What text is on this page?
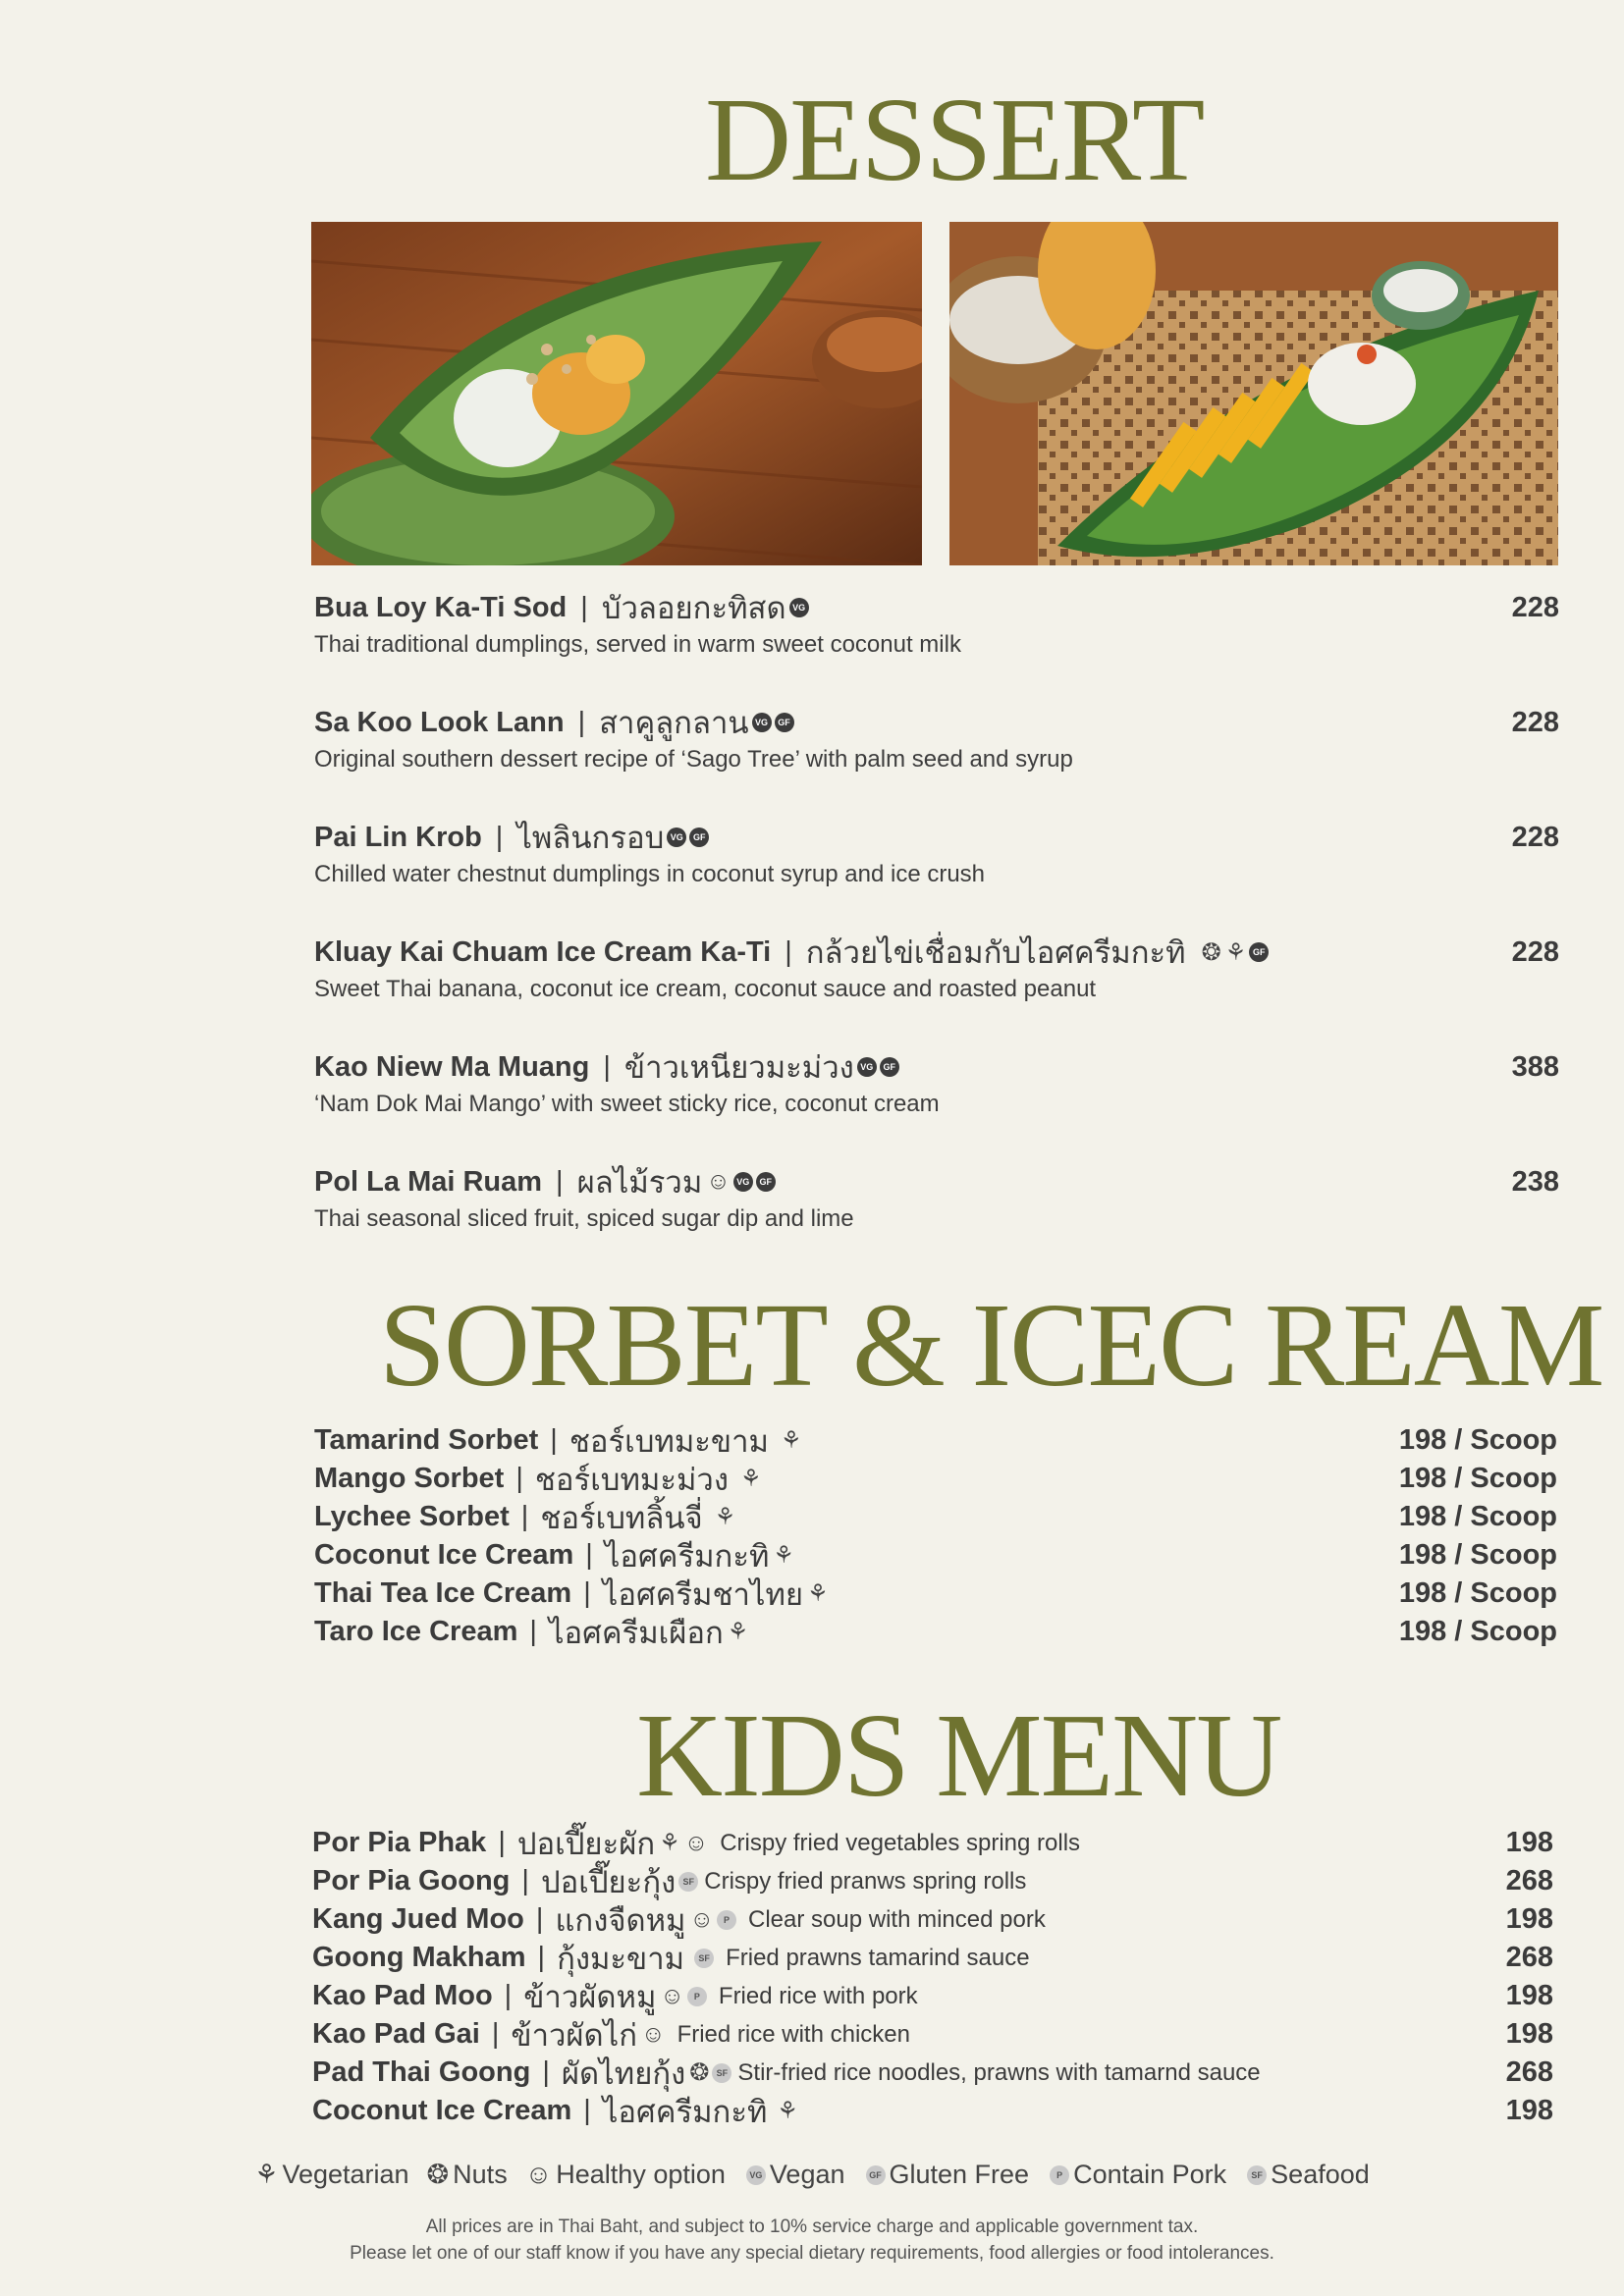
DESSERT
Bua Loy Ka-Ti Sod | บัวลอยกะทิสด VG	228
Thai traditional dumplings, served in warm sweet coconut milk
Sa Koo Look Lann | สาคูลูกลาน VG	GF	228
Original southern dessert recipe of ‘Sago Tree’ with palm seed and syrup
Pai Lin Krob | ไพลินกรอบ VG	GF	228
Chilled water chestnut dumplings in coconut syrup and ice crush
Kluay Kai Chuam Ice Cream Ka-Ti | กล้วยไข่เชื่อมกับไอศครีมกะทิ ❂ ⚘ GF	228
Sweet Thai banana, coconut ice cream, coconut sauce and roasted peanut
Kao Niew Ma Muang | ข้าวเหนียวมะม่วง VG	GF	388
‘Nam Dok Mai Mango’ with sweet sticky rice, coconut cream
Pol La Mai Ruam | ผลไม้รวม ☺ VG	GF	238
Thai seasonal sliced fruit, spiced sugar dip and lime
SORBET & ICEC REAM
Tamarind Sorbet | ชอร์เบทมะขาม ⚘	198 / Scoop
Mango Sorbet | ชอร์เบทมะม่วง ⚘	198 / Scoop
Lychee Sorbet | ชอร์เบทลิ้นจี่ ⚘	198 / Scoop
Coconut Ice Cream | ไอศครีมกะทิ ⚘	198 / Scoop
Thai Tea Ice Cream | ไอศครีมชาไทย ⚘	198 / Scoop
Taro Ice Cream | ไอศครีมเผือก ⚘	198 / Scoop
KIDS MENU
Por Pia Phak | ปอเปี๊ยะผัก ⚘ ☺ Crispy fried vegetables spring rolls	198
Por Pia Goong | ปอเปี๊ยะกุ้ง SF Crispy fried pranws spring rolls	268
Kang Jued Moo | แกงจืดหมู ☺	P Clear soup with minced pork	198
Goong Makham | กุ้งมะขาม	SF Fried prawns tamarind sauce	268
Kao Pad Moo | ข้าวผัดหมู ☺	P Fried rice with pork	198
Kao Pad Gai | ข้าวผัดไก่ ☺ Fried rice with chicken	198
Pad Thai Goong | ผัดไทยกุ้ง ❂ SF Stir-fried rice noodles, prawns with tamarnd sauce	268
Coconut Ice Cream | ไอศครีมกะทิ ⚘	198
⚘ Vegetarian ❂ Nuts ☺ Healthy option	VG Vegan	GF Gluten Free	P Contain Pork	SF Seafood
All prices are in Thai Baht, and subject to 10% service charge and applicable government tax.
Please let one of our staff know if you have any special dietary requirements, food allergies or food intolerances.
